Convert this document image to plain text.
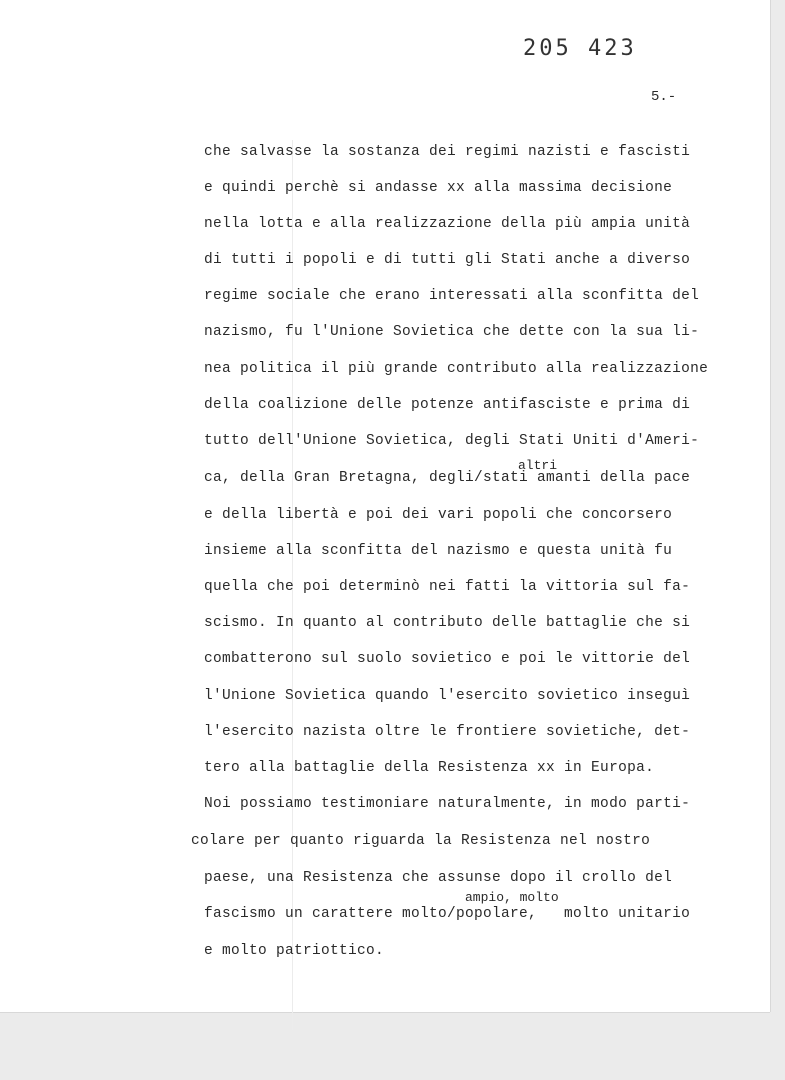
205 423
5.-
che salvasse la sostanza dei regimi nazisti e fascisti
e quindi perchè si andasse xx alla massima decisione
nella lotta e alla realizzazione della più ampia unità
di tutti i popoli e di tutti gli Stati anche a diverso
regime sociale che erano interessati alla sconfitta del
nazismo, fu l'Unione Sovietica che dette con la sua li-
nea politica il più grande contributo alla realizzazione
della coalizione delle potenze antifasciste e prima di
tutto dell'Unione Sovietica, degli Stati Uniti d'Ameri-
altri
ca, della Gran Bretagna, degli/stati amanti della pace
e della libertà e poi dei vari popoli che concorsero
insieme alla sconfitta del nazismo e questa unità fu
quella che poi determinò nei fatti la vittoria sul fa-
scismo. In quanto al contributo delle battaglie che si
combatterono sul suolo sovietico e poi le vittorie del
l'Unione Sovietica quando l'esercito sovietico inseguì
l'esercito nazista oltre le frontiere sovietiche, det-
tero alla battaglie della Resistenza xx in Europa.
Noi possiamo testimoniare naturalmente, in modo parti-
colare per quanto riguarda la Resistenza nel nostro
paese, una Resistenza che assunse dopo il crollo del
ampio, molto
fascismo un carattere molto/popolare,   molto unitario
e molto patriottico.
